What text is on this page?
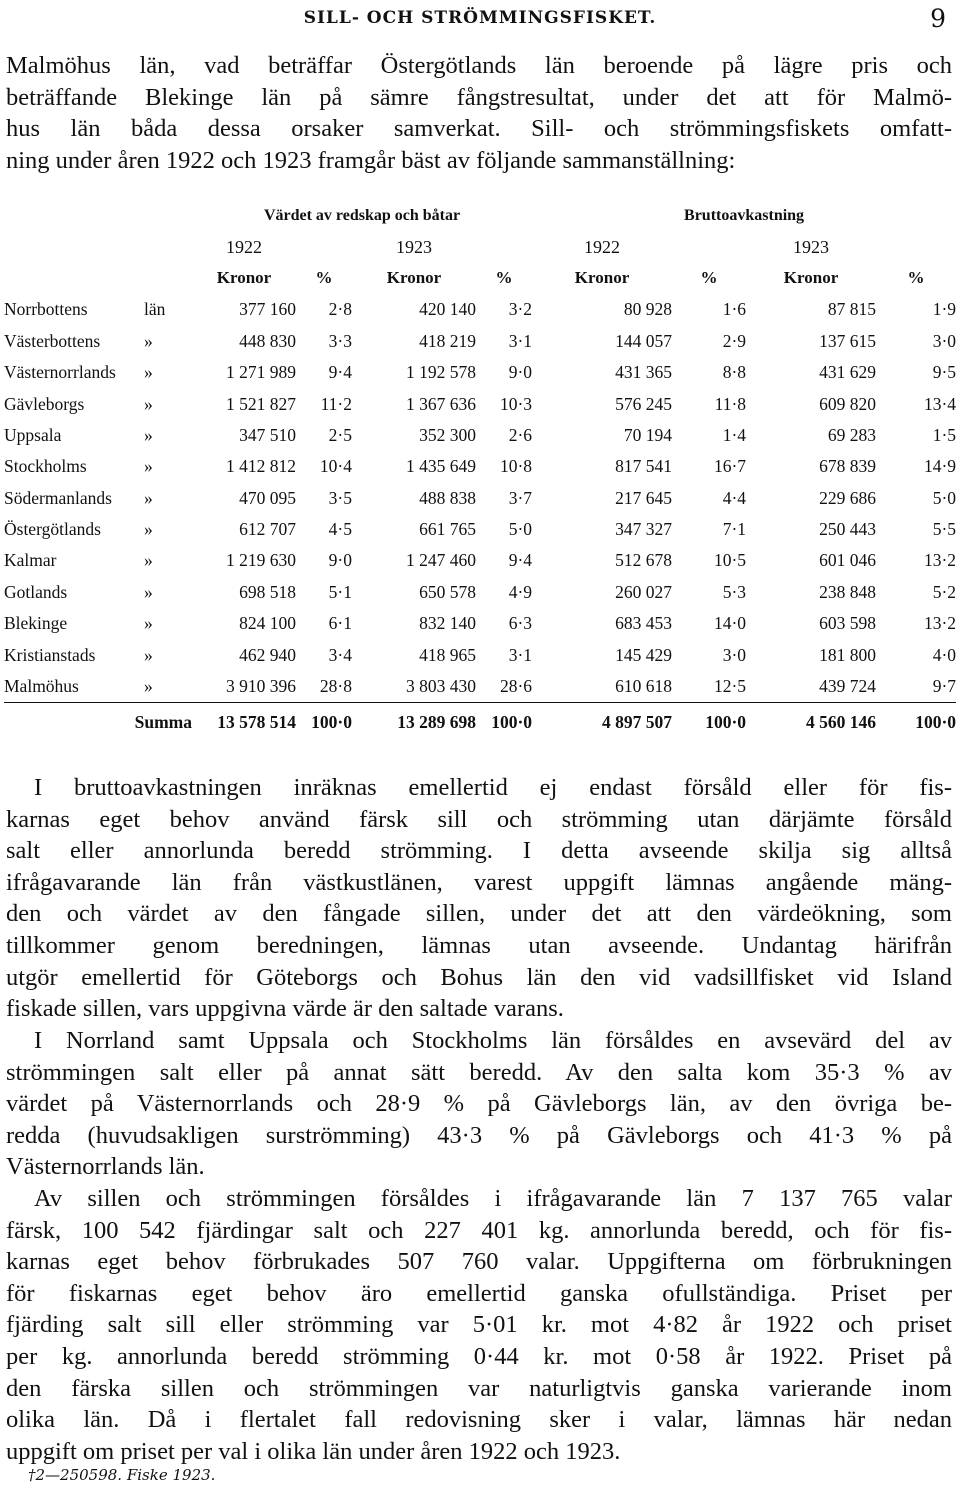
SILL- OCH STRÖMMINGSFISKET.	9

Malmöhus län, vad beträffar Östergötlands län beroende på lägre pris och
beträffande Blekinge län på sämre fångstresultat, under det att för Malmö-
hus län båda dessa orsaker samverkat. Sill- och strömmingsfiskets omfatt-
ning under åren 1922 och 1923 framgår bäst av följande sammanställning:

		Värdet av redskap och båtar				Bruttoavkastning			
		1922		1923		1922		1923	
		Kronor	%	Kronor	%	Kronor	%	Kronor	%
Norrbottens	län	377 160	2·8	420 140	3·2	80 928	1·6	87 815	1·9
Västerbottens	»	448 830	3·3	418 219	3·1	144 057	2·9	137 615	3·0
Västernorrlands	»	1 271 989	9·4	1 192 578	9·0	431 365	8·8	431 629	9·5
Gävleborgs	»	1 521 827	11·2	1 367 636	10·3	576 245	11·8	609 820	13·4
Uppsala	»	347 510	2·5	352 300	2·6	70 194	1·4	69 283	1·5
Stockholms	»	1 412 812	10·4	1 435 649	10·8	817 541	16·7	678 839	14·9
Södermanlands	»	470 095	3·5	488 838	3·7	217 645	4·4	229 686	5·0
Östergötlands	»	612 707	4·5	661 765	5·0	347 327	7·1	250 443	5·5
Kalmar	»	1 219 630	9·0	1 247 460	9·4	512 678	10·5	601 046	13·2
Gotlands	»	698 518	5·1	650 578	4·9	260 027	5·3	238 848	5·2
Blekinge	»	824 100	6·1	832 140	6·3	683 453	14·0	603 598	13·2
Kristianstads	»	462 940	3·4	418 965	3·1	145 429	3·0	181 800	4·0
Malmöhus	»	3 910 396	28·8	3 803 430	28·6	610 618	12·5	439 724	9·7
Summa		13 578 514	100·0	13 289 698	100·0	4 897 507	100·0	4 560 146	100·0

I bruttoavkastningen inräknas emellertid ej endast försåld eller för fis-
karnas eget behov använd färsk sill och strömming utan därjämte försåld
salt eller annorlunda beredd strömming. I detta avseende skilja sig alltså
ifrågavarande län från västkustlänen, varest uppgift lämnas angående mäng-
den och värdet av den fångade sillen, under det att den värdeökning, som
tillkommer genom beredningen, lämnas utan avseende. Undantag härifrån
utgör emellertid för Göteborgs och Bohus län den vid vadsillfisket vid Island
fiskade sillen, vars uppgivna värde är den saltade varans.

I Norrland samt Uppsala och Stockholms län försåldes en avsevärd del av
strömmingen salt eller på annat sätt beredd. Av den salta kom 35·3 % av
värdet på Västernorrlands och 28·9 % på Gävleborgs län, av den övriga be-
redda (huvudsakligen surströmming) 43·3 % på Gävleborgs och 41·3 % på
Västernorrlands län.

Av sillen och strömmingen försåldes i ifrågavarande län 7 137 765 valar
färsk, 100 542 fjärdingar salt och 227 401 kg. annorlunda beredd, och för fis-
karnas eget behov förbrukades 507 760 valar. Uppgifterna om förbrukningen
för fiskarnas eget behov äro emellertid ganska ofullständiga. Priset per
fjärding salt sill eller strömming var 5·01 kr. mot 4·82 år 1922 och priset
per kg. annorlunda beredd strömming 0·44 kr. mot 0·58 år 1922. Priset på
den färska sillen och strömmingen var naturligtvis ganska varierande inom
olika län. Då i flertalet fall redovisning sker i valar, lämnas här nedan
uppgift om priset per val i olika län under åren 1922 och 1923.

†2—250598. Fiske 1923.
